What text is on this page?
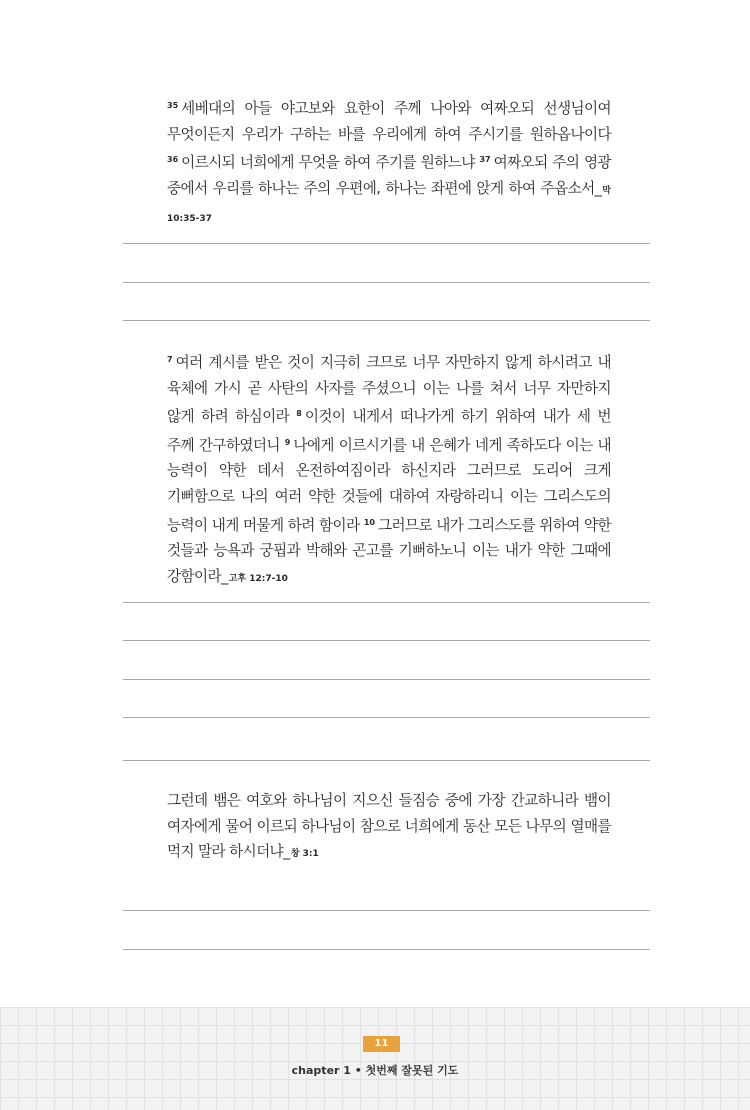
$^{35}$ 세베대의 아들 야고보와 요한이 주께 나아와 여짜오되 선생님이여 무엇이든지 우리가 구하는 바를 우리에게 하여 주시기를 원하옵나이다 $^{36}$ 이르시되 너희에게 무엇을 하여 주기를 원하느냐 $^{37}$ 여짜오되 주의 영광 중에서 우리를 하나는 주의 우편에, 하나는 좌편에 앉게 하여 주옵소서_막 10:35-37
$^7$ 여러 계시를 받은 것이 지극히 크므로 너무 자만하지 않게 하시려고 내 육체에 가시 곧 사탄의 사자를 주셨으니 이는 나를 쳐서 너무 자만하지 않게 하려 하심이라 $^8$ 이것이 내게서 떠나가게 하기 위하여 내가 세 번 주께 간구하였더니 $^9$ 나에게 이르시기를 내 은혜가 네게 족하도다 이는 내 능력이 약한 데서 온전하여짐이라 하신지라 그러므로 도리어 크게 기뻐함으로 나의 여러 약한 것들에 대하여 자랑하리니 이는 그리스도의 능력이 내게 머물게 하려 함이라 $^{10}$ 그러므로 내가 그리스도를 위하여 약한 것들과 능욕과 궁핍과 박해와 곤고를 기뻐하노니 이는 내가 약한 그때에 강함이라_고후 12:7-10
그런데 뱀은 여호와 하나님이 지으신 들짐승 중에 가장 간교하니라 뱀이 여자에게 물어 이르되 하나님이 참으로 너희에게 동산 모든 나무의 열매를 먹지 말라 하시더냐_창 3:1
11
chapter 1 • 첫번째 잘못된 기도
